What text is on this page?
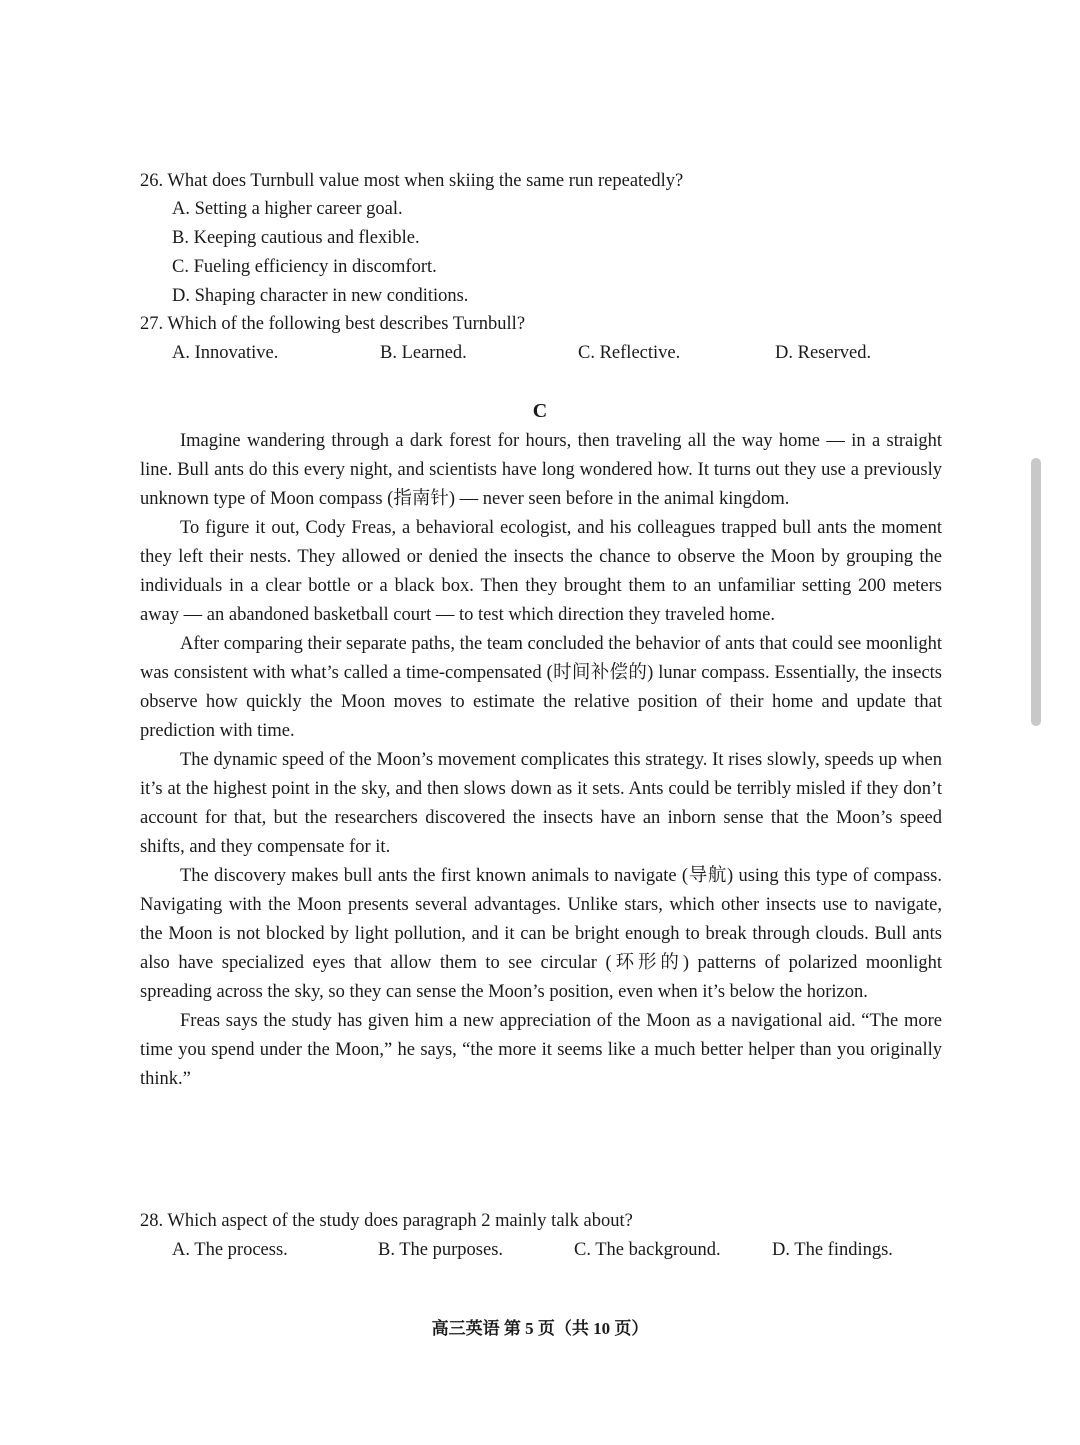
26. What does Turnbull value most when skiing the same run repeatedly?
A. Setting a higher career goal.
B. Keeping cautious and flexible.
C. Fueling efficiency in discomfort.
D. Shaping character in new conditions.
27. Which of the following best describes Turnbull?
A. Innovative.	B. Learned.	C. Reflective.	D. Reserved.
C

Imagine wandering through a dark forest for hours, then traveling all the way home — in a straight line. Bull ants do this every night, and scientists have long wondered how. It turns out they use a previously unknown type of Moon compass (指南针) — never seen before in the animal kingdom.

To figure it out, Cody Freas, a behavioral ecologist, and his colleagues trapped bull ants the moment they left their nests. They allowed or denied the insects the chance to observe the Moon by grouping the individuals in a clear bottle or a black box. Then they brought them to an unfamiliar setting 200 meters away — an abandoned basketball court — to test which direction they traveled home.

After comparing their separate paths, the team concluded the behavior of ants that could see moonlight was consistent with what’s called a time-compensated (时间补偿的) lunar compass. Essentially, the insects observe how quickly the Moon moves to estimate the relative position of their home and update that prediction with time.

The dynamic speed of the Moon’s movement complicates this strategy. It rises slowly, speeds up when it’s at the highest point in the sky, and then slows down as it sets. Ants could be terribly misled if they don’t account for that, but the researchers discovered the insects have an inborn sense that the Moon’s speed shifts, and they compensate for it.

The discovery makes bull ants the first known animals to navigate (导航) using this type of compass. Navigating with the Moon presents several advantages. Unlike stars, which other insects use to navigate, the Moon is not blocked by light pollution, and it can be bright enough to break through clouds. Bull ants also have specialized eyes that allow them to see circular (环形的) patterns of polarized moonlight spreading across the sky, so they can sense the Moon’s position, even when it’s below the horizon.

Freas says the study has given him a new appreciation of the Moon as a navigational aid. “The more time you spend under the Moon,” he says, “the more it seems like a much better helper than you originally think.”

28. Which aspect of the study does paragraph 2 mainly talk about?
A. The process.	B. The purposes.	C. The background.	D. The findings.
高三英语 第 5 页（共 10 页）
